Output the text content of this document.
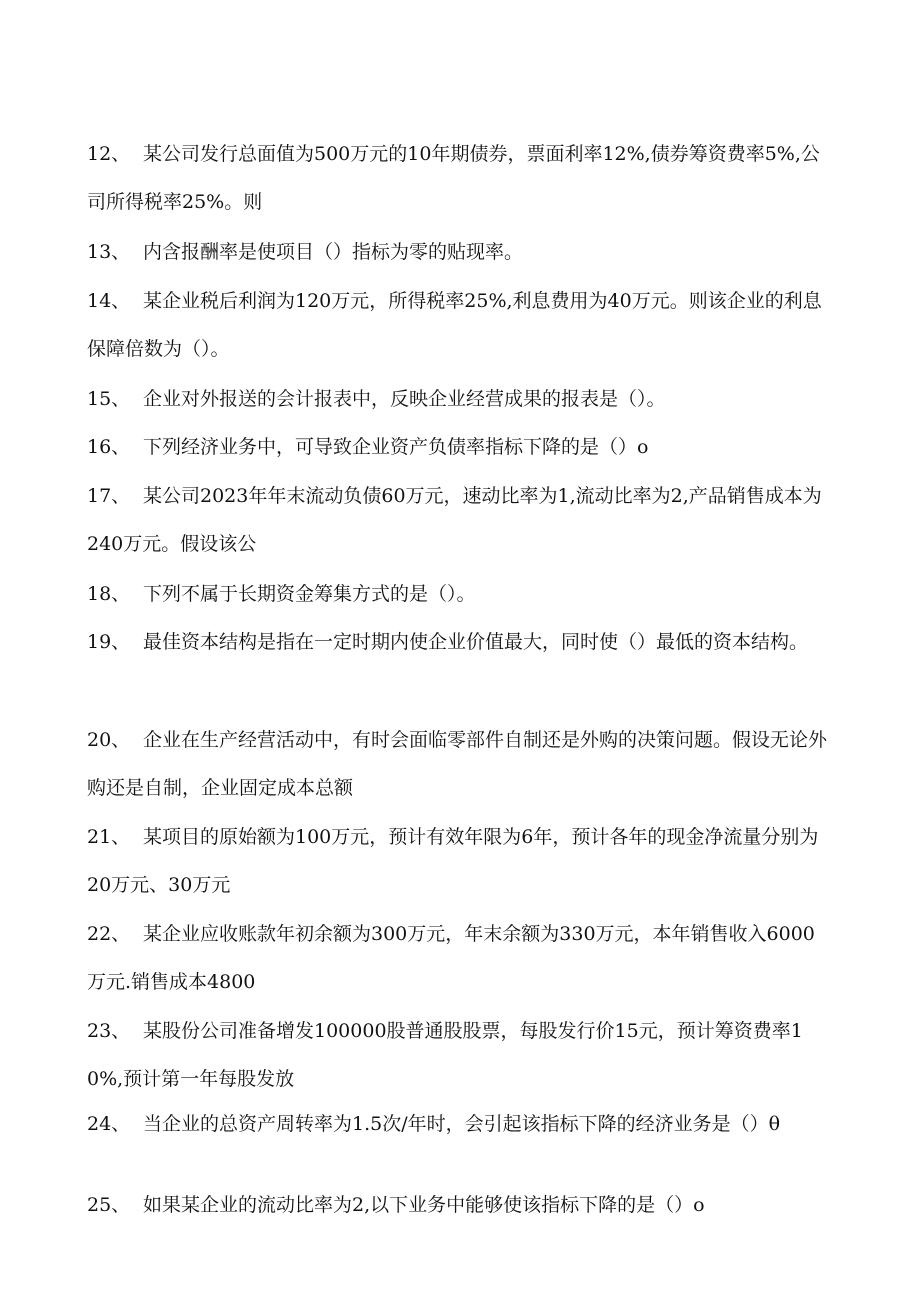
12、 某公司发行总面值为500万元的10年期债券，票面利率12%,债券筹资费率5%,公司所得税率25%。则
13、 内含报酬率是使项目（）指标为零的贴现率。
14、 某企业税后利润为120万元，所得税率25%,利息费用为40万元。则该企业的利息保障倍数为（）。
15、 企业对外报送的会计报表中，反映企业经营成果的报表是（）。
16、 下列经济业务中，可导致企业资产负债率指标下降的是（）o
17、 某公司2023年年末流动负债60万元，速动比率为1,流动比率为2,产品销售成本为240万元。假设该公
18、 下列不属于长期资金筹集方式的是（）。
19、 最佳资本结构是指在一定时期内使企业价值最大，同时使（）最低的资本结构。
20、 企业在生产经营活动中，有时会面临零部件自制还是外购的决策问题。假设无论外购还是自制，企业固定成本总额
21、 某项目的原始额为100万元，预计有效年限为6年，预计各年的现金净流量分别为20万元、30万元
22、 某企业应收账款年初余额为300万元，年末余额为330万元，本年销售收入6000万元.销售成本4800
23、 某股份公司准备增发100000股普通股股票，每股发行价15元，预计筹资费率10%,预计第一年每股发放
24、 当企业的总资产周转率为1.5次/年时，会引起该指标下降的经济业务是（）θ
25、 如果某企业的流动比率为2,以下业务中能够使该指标下降的是（）o
